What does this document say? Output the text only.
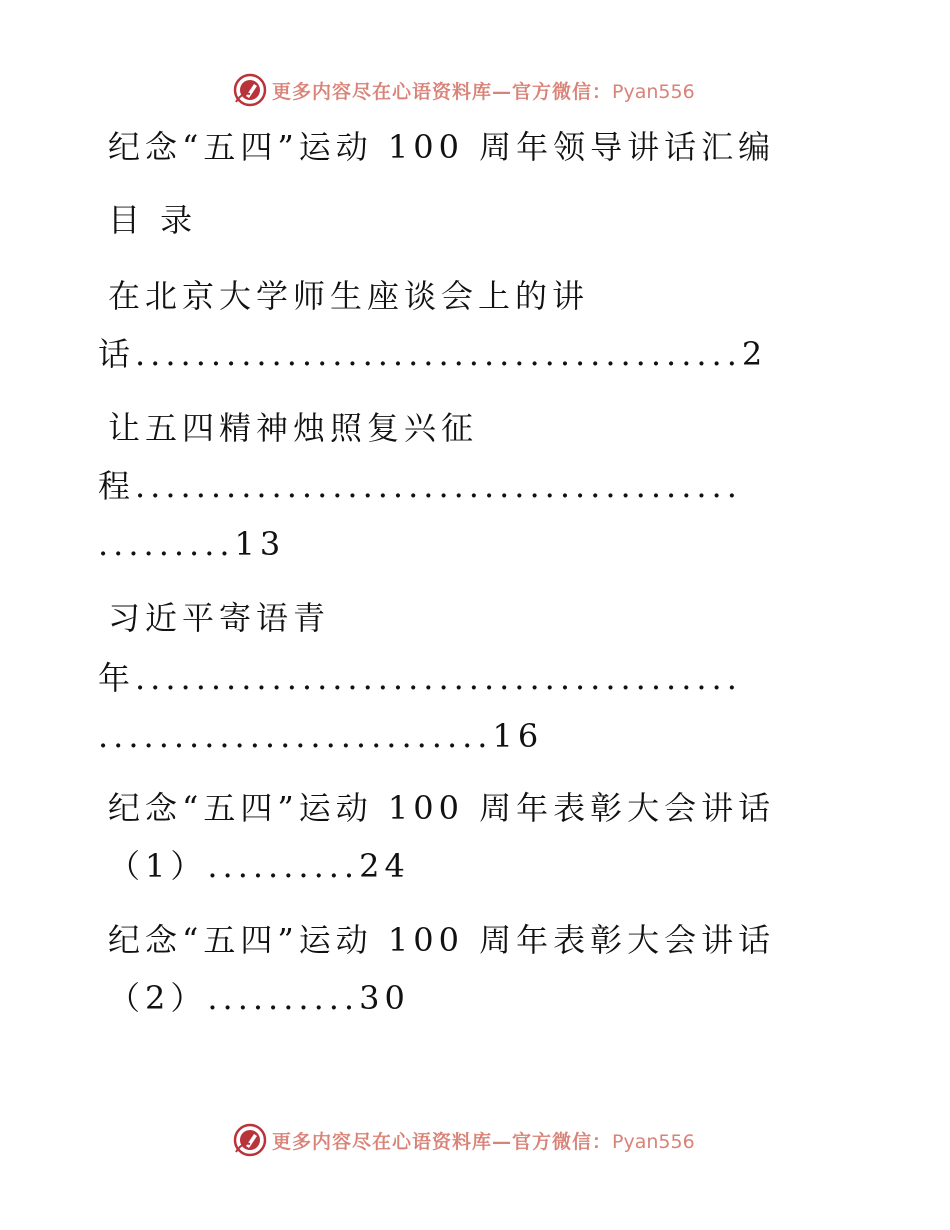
更多内容尽在心语资料库—官方微信：Pyan556
纪念“五四”运动 100 周年领导讲话汇编
目 录
在北京大学师生座谈会上的讲
话........................................2
让五四精神烛照复兴征
程........................................
.........13
习近平寄语青
年........................................
..........................16
纪念“五四”运动 100 周年表彰大会讲话
（1）..........24
纪念“五四”运动 100 周年表彰大会讲话
（2）..........30
更多内容尽在心语资料库—官方微信：Pyan556
